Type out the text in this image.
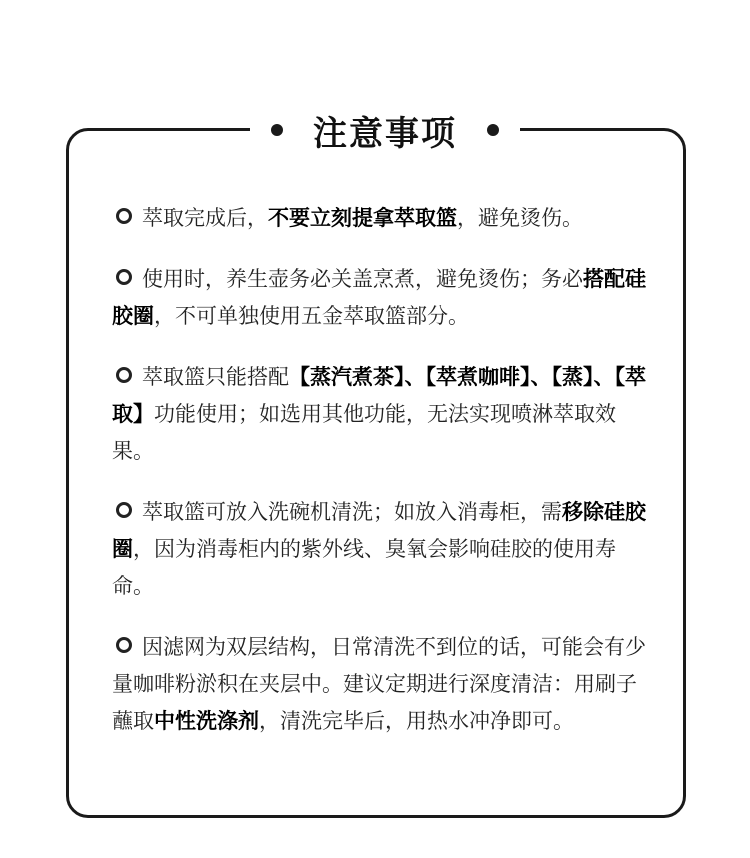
注意事项

萃取完成后，不要立刻提拿萃取篮，避免烫伤。

使用时，养生壶务必关盖烹煮，避免烫伤；务必搭配硅胶圈，不可单独使用五金萃取篮部分。

萃取篮只能搭配【蒸汽煮茶】、【萃煮咖啡】、【蒸】、【萃取】功能使用；如选用其他功能，无法实现喷淋萃取效果。

萃取篮可放入洗碗机清洗；如放入消毒柜，需移除硅胶圈，因为消毒柜内的紫外线、臭氧会影响硅胶的使用寿命。

因滤网为双层结构，日常清洗不到位的话，可能会有少量咖啡粉淤积在夹层中。建议定期进行深度清洁：用刷子蘸取中性洗涤剂，清洗完毕后，用热水冲净即可。
